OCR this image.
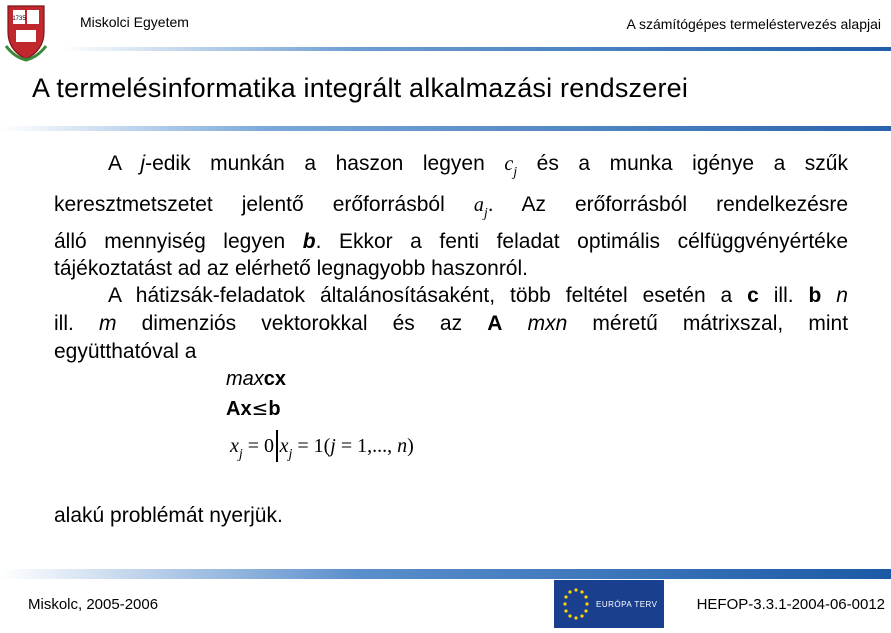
1735	Miskolci Egyetem	A számítógépes termeléstervezés alapjai
A termelésinformatika integrált alkalmazási rendszerei
A j-edik munkán a haszon legyen $c_j$ és a munka igénye a szűk
keresztmetszetet jelentő erőforrásból $a_j$. Az erőforrásból rendelkezésre
álló mennyiség legyen b. Ekkor a fenti feladat optimális célfüggvényértéke
tájékoztatást ad az elérhető legnagyobb haszonról.
A hátizsák-feladatok általánosításaként, több feltétel esetén a c ill. b n
ill. m dimenziós vektorokkal és az A mxn méretű mátrixszal, mint
együtthatóval a
maxcx
Ax≤b
$x_j = 0$ $x_j = 1(j = 1$,..., n)
alakú problémát nyerjük.
Miskolc, 2005-2006	EURÓPA TERV	HEFOP-3.3.1-2004-06-0012
